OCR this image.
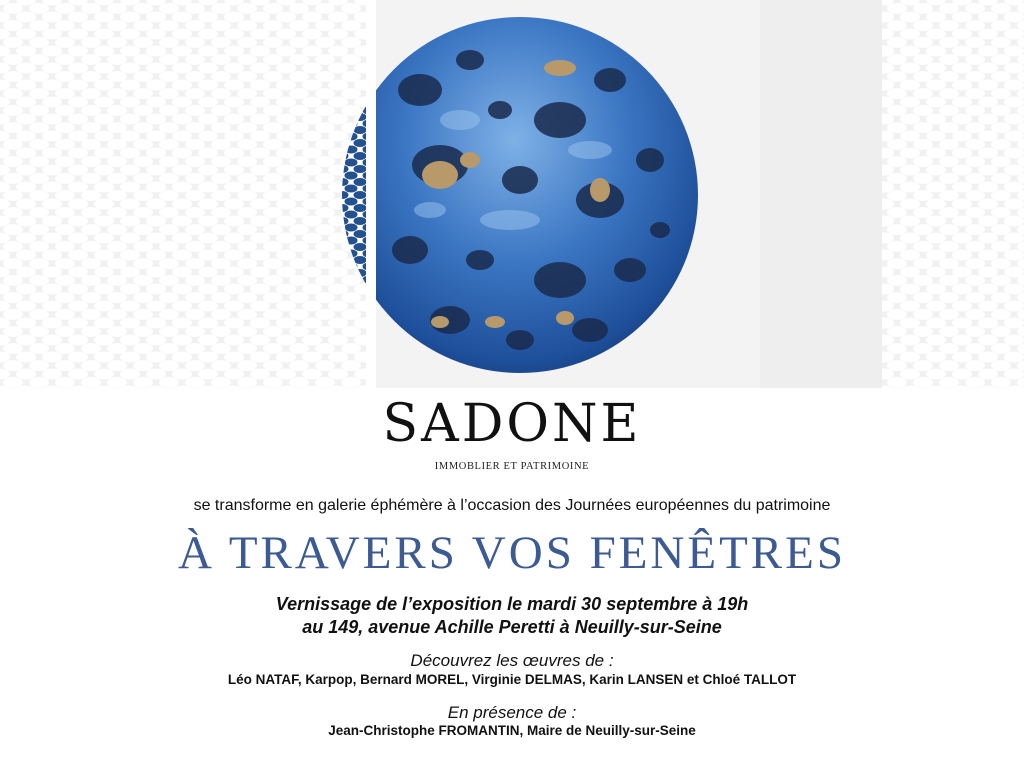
SADONE
IMMOBLIER ET PATRIMOINE
se transforme en galerie éphémère à l’occasion des Journées européennes du patrimoine
À TRAVERS VOS FENÊTRES
Vernissage de l’exposition le mardi 30 septembre à 19h
au 149, avenue Achille Peretti à Neuilly-sur-Seine
Découvrez les œuvres de :
Léo NATAF, Karpop, Bernard MOREL, Virginie DELMAS, Karin LANSEN et Chloé TALLOT
En présence de :
Jean-Christophe FROMANTIN, Maire de Neuilly-sur-Seine
